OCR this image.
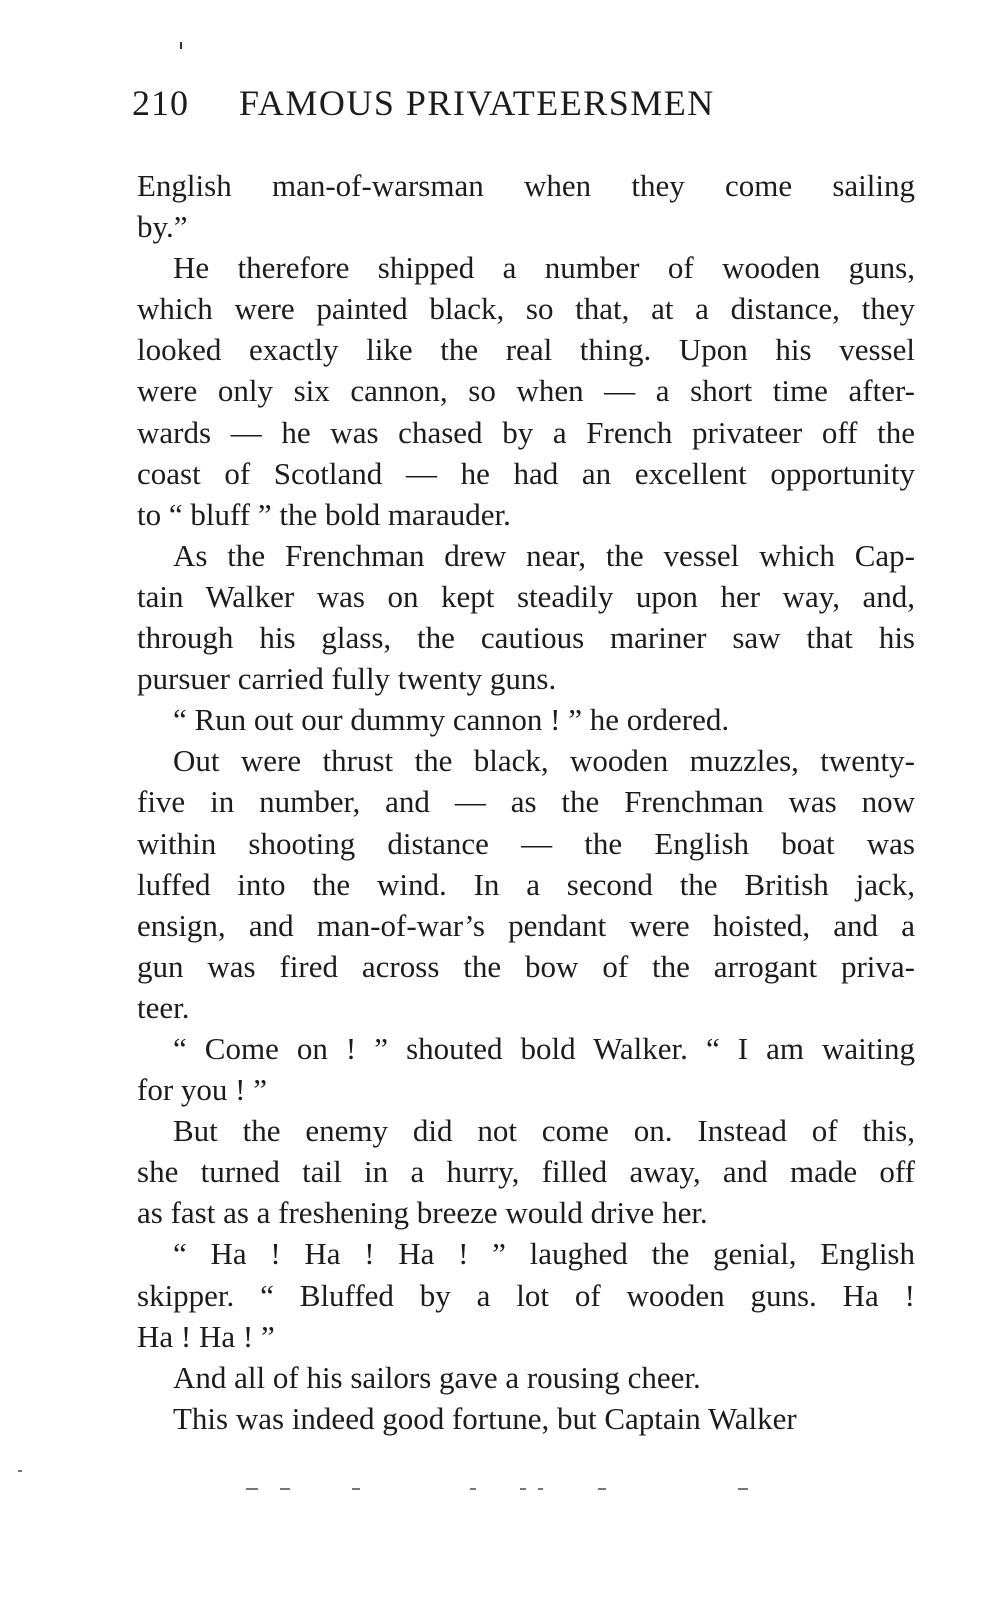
210 FAMOUS PRIVATEERSMEN
English man-of-warsman when they come sailing
by.”
He therefore shipped a number of wooden guns,
which were painted black, so that, at a distance, they
looked exactly like the real thing. Upon his vessel
were only six cannon, so when — a short time after-
wards — he was chased by a French privateer off the
coast of Scotland — he had an excellent opportunity
to “ bluff ” the bold marauder.
As the Frenchman drew near, the vessel which Cap-
tain Walker was on kept steadily upon her way, and,
through his glass, the cautious mariner saw that his
pursuer carried fully twenty guns.
“ Run out our dummy cannon ! ” he ordered.
Out were thrust the black, wooden muzzles, twenty-
five in number, and — as the Frenchman was now
within shooting distance — the English boat was
luffed into the wind. In a second the British jack,
ensign, and man-of-war’s pendant were hoisted, and a
gun was fired across the bow of the arrogant priva-
teer.
“ Come on ! ” shouted bold Walker. “ I am waiting
for you ! ”
But the enemy did not come on. Instead of this,
she turned tail in a hurry, filled away, and made off
as fast as a freshening breeze would drive her.
“ Ha ! Ha ! Ha ! ” laughed the genial, English
skipper. “ Bluffed by a lot of wooden guns. Ha !
Ha ! Ha ! ”
And all of his sailors gave a rousing cheer.
This was indeed good fortune, but Captain Walker
